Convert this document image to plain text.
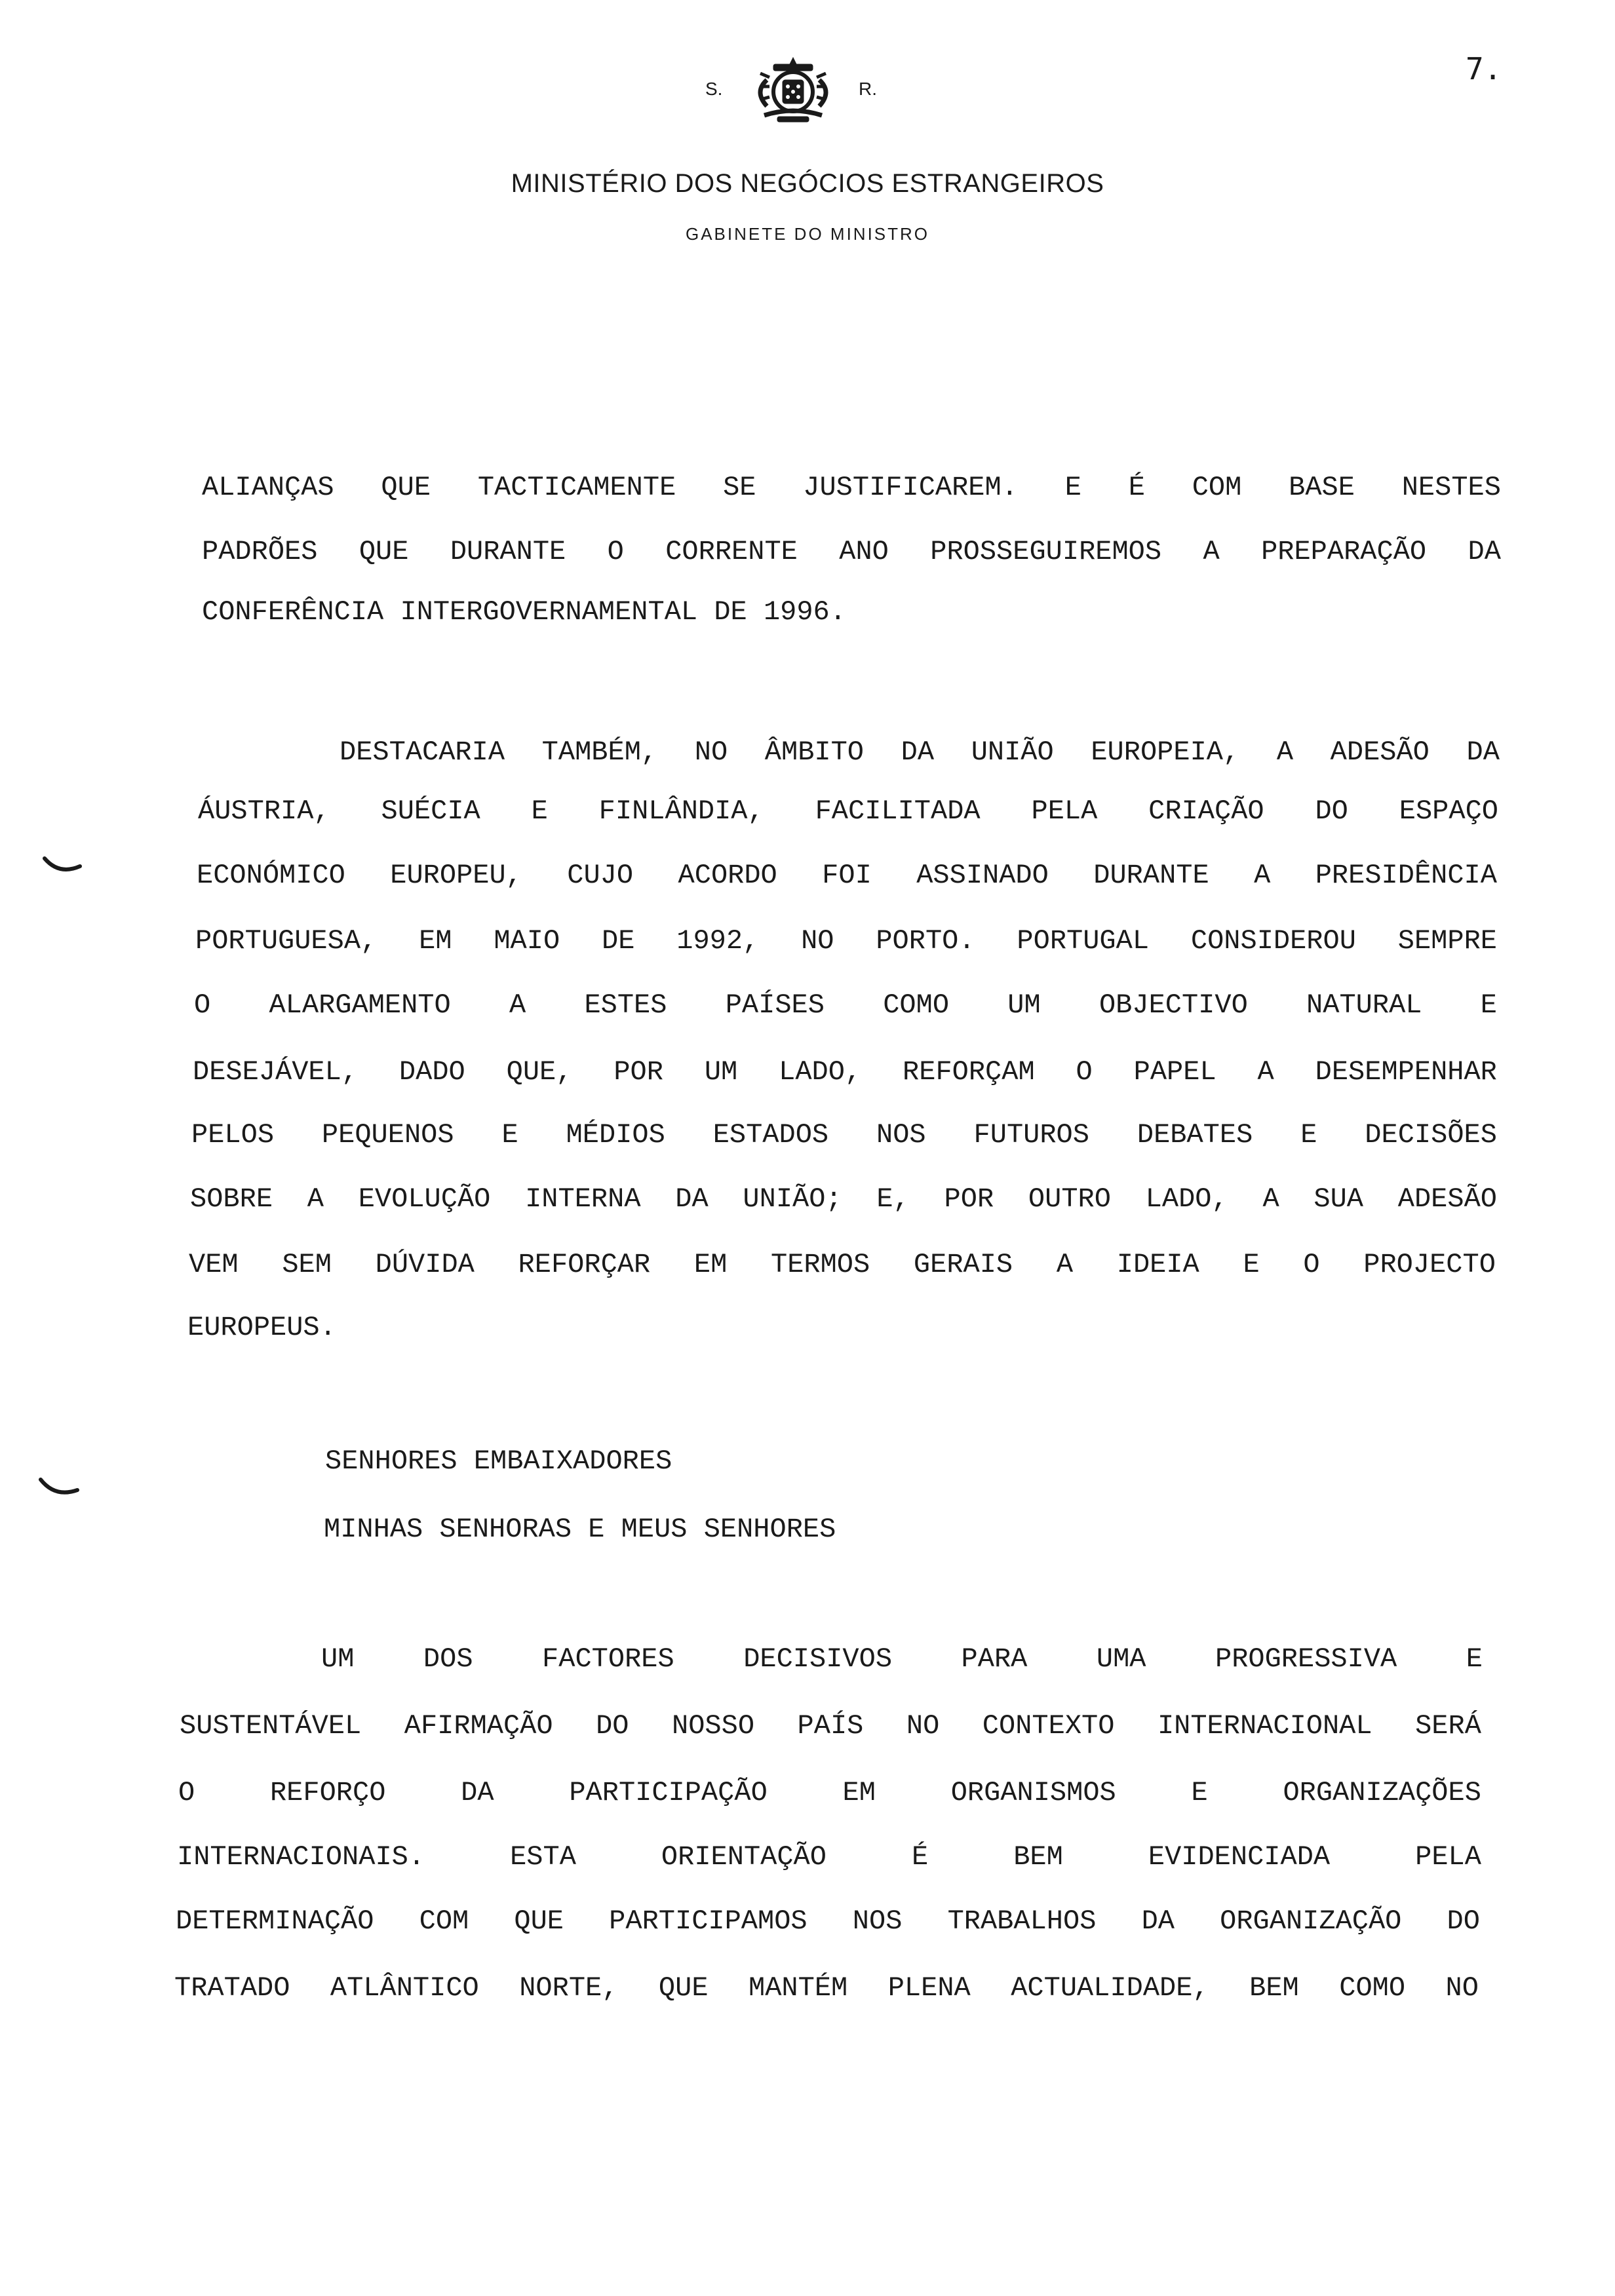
7.
S.	R.
MINISTÉRIO DOS NEGÓCIOS ESTRANGEIROS
GABINETE DO MINISTRO
ALIANÇAS QUE TACTICAMENTE SE JUSTIFICAREM. E É COM BASE NESTES
PADRÕES QUE DURANTE O CORRENTE ANO PROSSEGUIREMOS A PREPARAÇÃO DA
CONFERÊNCIA INTERGOVERNAMENTAL DE 1996.
DESTACARIA TAMBÉM, NO ÂMBITO DA UNIÃO EUROPEIA, A ADESÃO DA
ÁUSTRIA, SUÉCIA E FINLÂNDIA, FACILITADA PELA CRIAÇÃO DO ESPAÇO
ECONÓMICO EUROPEU, CUJO ACORDO FOI ASSINADO DURANTE A PRESIDÊNCIA
PORTUGUESA, EM MAIO DE 1992, NO PORTO. PORTUGAL CONSIDEROU SEMPRE
O ALARGAMENTO A ESTES PAÍSES COMO UM OBJECTIVO NATURAL E
DESEJÁVEL, DADO QUE, POR UM LADO, REFORÇAM O PAPEL A DESEMPENHAR
PELOS PEQUENOS E MÉDIOS ESTADOS NOS FUTUROS DEBATES E DECISÕES
SOBRE A EVOLUÇÃO INTERNA DA UNIÃO; E, POR OUTRO LADO, A SUA ADESÃO
VEM SEM DÚVIDA REFORÇAR EM TERMOS GERAIS A IDEIA E O PROJECTO
EUROPEUS.
SENHORES EMBAIXADORES
MINHAS SENHORAS E MEUS SENHORES
UM	DOS	FACTORES	DECISIVOS	PARA	UMA	PROGRESSIVA	E
SUSTENTÁVEL AFIRMAÇÃO DO NOSSO PAÍS NO CONTEXTO INTERNACIONAL SERÁ
O	REFORÇO	DA	PARTICIPAÇÃO	EM	ORGANISMOS	E	ORGANIZAÇÕES
INTERNACIONAIS.	ESTA	ORIENTAÇÃO	É	BEM	EVIDENCIADA	PELA
DETERMINAÇÃO COM QUE PARTICIPAMOS NOS TRABALHOS DA ORGANIZAÇÃO DO
TRATADO ATLÂNTICO NORTE, QUE MANTÉM PLENA ACTUALIDADE, BEM COMO NO
